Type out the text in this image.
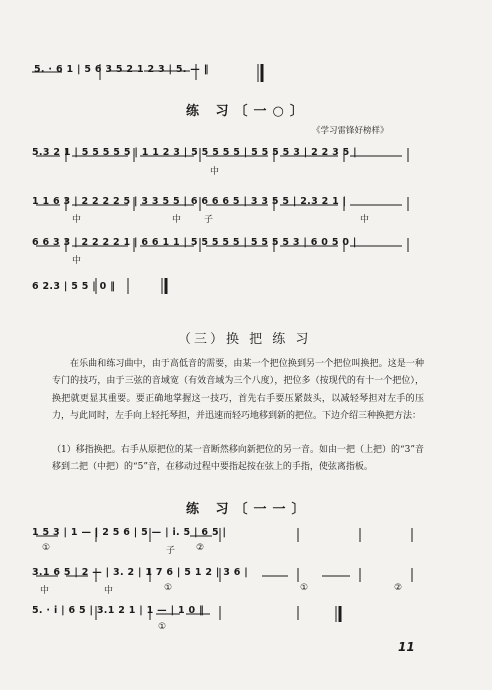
5. · 6 1 | 5 6 3 5 2 1 2 3 | 5. — ‖
练 习〔一○〕
《学习雷锋好榜样》
5.3 2 1 | 5 5 5 5 5 | 1 1 2 3 | 5 5 5 5 5 | 5 5 5 5 3 | 2 2 3 5 |
1 1 6 3 | 2 2 2 2 5 | 3 3 5 5 | 6 6 6 6 5 | 3 3 5 5 | 2.3 2 1 |
6 6 3 3 | 2 2 2 2 1 | 6 6 1 1 | 5 5 5 5 5 | 5 5 5 5 3 | 6 0 5 0 |
6 2.3 | 5 5 | 0 ‖
中
中	中	子	中
中
（三）换 把 练 习
在乐曲和练习曲中，由于高低音的需要，由某一个把位换到另一个把位叫换把。这是一种专门的技巧，由于三弦的音域宽（有效音域为三个八度），把位多（按现代的有十一个把位），换把就更显其重要。要正确地掌握这一技巧，首先右手要压紧鼓头，以减轻琴担对左手的压力，与此同时，左手向上轻托琴担，并迅速而轻巧地移到新的把位。下边介绍三种换把方法：
（1）移指换把。右手从原把位的某一音断然移向新把位的另一音。如由一把（上把）的“3”音移到二把（中把）的“5”音，在移动过程中要指起按在弦上的手指，使弦离指板。
练 习〔一一〕
1 5 3 | 1 — | 2 5 6 | 5 — | i. 5 | 6 5 |
3.1 6 5 | 2 — | 3. 2 | 1 7 6 | 5 1 2 | 3 6 |
5. · i | 6 5 | 3.1 2 1 | 1 — | 1 0 ‖
①	子 ②
中	中	①	②
①
①
11
